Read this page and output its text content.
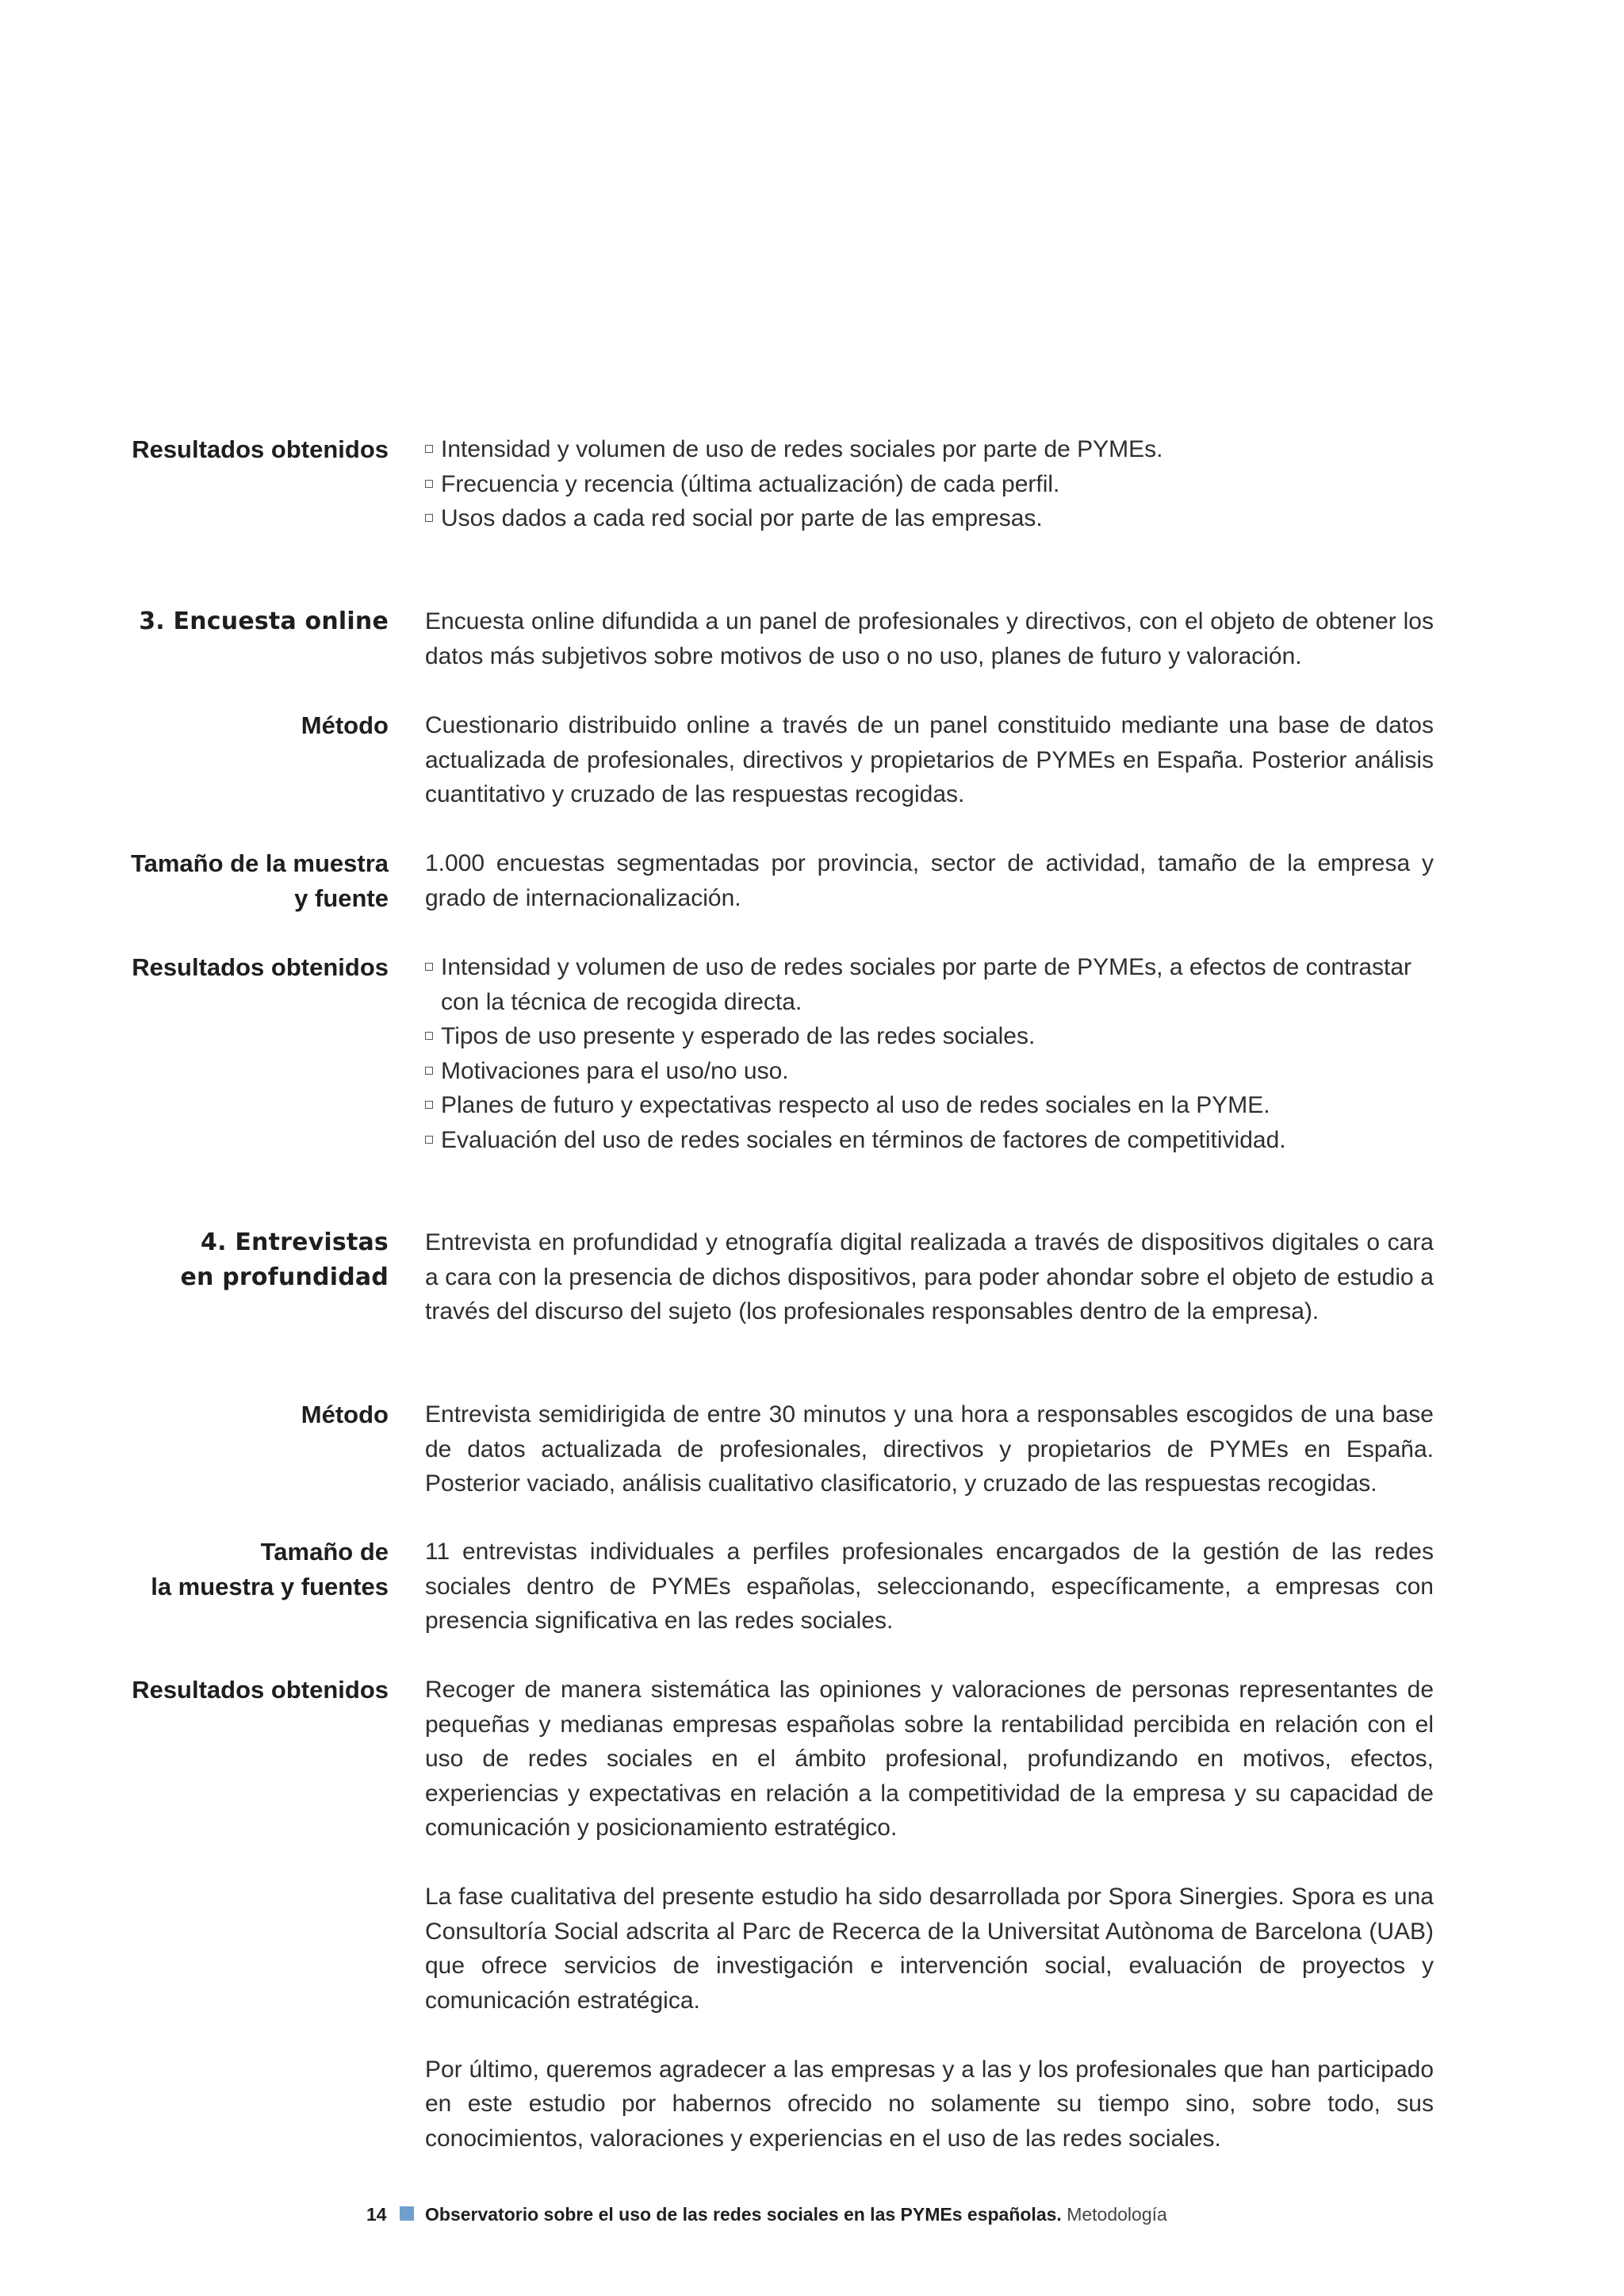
Resultados obtenidos	Intensidad y volumen de uso de redes sociales por parte de PYMEs.
Frecuencia y recencia (última actualización) de cada perfil.
Usos dados a cada red social por parte de las empresas.
3. Encuesta online Encuesta online difundida a un panel de profesionales y directivos, con el objeto de obtener los datos más subjetivos sobre motivos de uso o no uso, planes de futuro y valoración.

Método Cuestionario distribuido online a través de un panel constituido mediante una base de datos actualizada de profesionales, directivos y propietarios de PYMEs en España. Posterior análisis cuantitativo y cruzado de las respuestas recogidas.

Tamaño de la muestra
y fuente

1.000 encuestas segmentadas por provincia, sector de actividad, tamaño de la empresa y grado de internacionalización.

Resultados obtenidos	Intensidad y volumen de uso de redes sociales por parte de PYMEs, a efectos de contrastar con la técnica de recogida directa.
Tipos de uso presente y esperado de las redes sociales.
Motivaciones para el uso/no uso.
Planes de futuro y expectativas respecto al uso de redes sociales en la PYME.
Evaluación del uso de redes sociales en términos de factores de competitividad.
4. Entrevistas
en profundidad

Entrevista en profundidad y etnografía digital realizada a través de dispositivos digitales o cara a cara con la presencia de dichos dispositivos, para poder ahondar sobre el objeto de estudio a través del discurso del sujeto (los profesionales responsables dentro de la empresa).

Método Entrevista semidirigida de entre 30 minutos y una hora a responsables escogidos de una base de datos actualizada de profesionales, directivos y propietarios de PYMEs en España. Posterior vaciado, análisis cualitativo clasificatorio, y cruzado de las respuestas recogidas.

Tamaño de
la muestra y fuentes

11 entrevistas individuales a perfiles profesionales encargados de la gestión de las redes sociales dentro de PYMEs españolas, seleccionando, específicamente, a empresas con presencia significativa en las redes sociales.

Resultados obtenidos Recoger de manera sistemática las opiniones y valoraciones de personas representantes de pequeñas y medianas empresas españolas sobre la rentabilidad percibida en relación con el uso de redes sociales en el ámbito profesional, profundizando en motivos, efectos, experiencias y expectativas en relación a la competitividad de la empresa y su capacidad de comunicación y posicionamiento estratégico.

La fase cualitativa del presente estudio ha sido desarrollada por Spora Sinergies. Spora es una Consultoría Social adscrita al Parc de Recerca de la Universitat Autònoma de Barcelona (UAB) que ofrece servicios de investigación e intervención social, evaluación de proyectos y comunicación estratégica.

Por último, queremos agradecer a las empresas y a las y los profesionales que han participado en este estudio por habernos ofrecido no solamente su tiempo sino, sobre todo, sus conocimientos, valoraciones y experiencias en el uso de las redes sociales.

14 Observatorio sobre el uso de las redes sociales en las PYMEs españolas. Metodología
